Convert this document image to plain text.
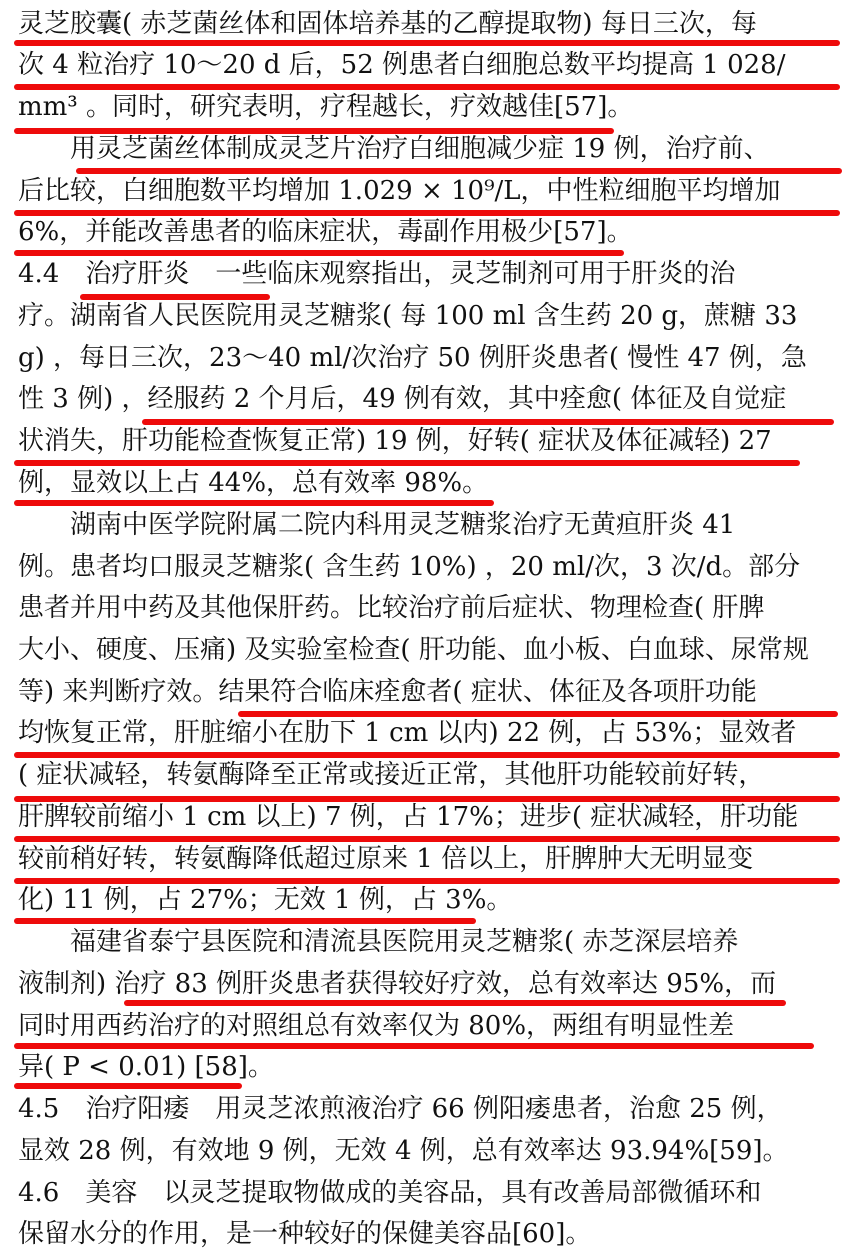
灵芝胶囊( 赤芝菌丝体和固体培养基的乙醇提取物) 每日三次，每
次 4 粒治疗 10～20 d 后，52 例患者白细胞总数平均提高 1 028/
mm³ 。同时，研究表明，疗程越长，疗效越佳[57]。
　　用灵芝菌丝体制成灵芝片治疗白细胞减少症 19 例，治疗前、
后比较，白细胞数平均增加 1.029 × 10⁹/L，中性粒细胞平均增加
6%，并能改善患者的临床症状，毒副作用极少[57]。
4.4　治疗肝炎　一些临床观察指出，灵芝制剂可用于肝炎的治
疗。湖南省人民医院用灵芝糖浆( 每 100 ml 含生药 20 g，蔗糖 33
g) ，每日三次，23～40 ml/次治疗 50 例肝炎患者( 慢性 47 例，急
性 3 例) ，经服药 2 个月后，49 例有效，其中痊愈( 体征及自觉症
状消失，肝功能检查恢复正常) 19 例，好转( 症状及体征减轻) 27
例，显效以上占 44%，总有效率 98%。
　　湖南中医学院附属二院内科用灵芝糖浆治疗无黄疸肝炎 41
例。患者均口服灵芝糖浆( 含生药 10%) ，20 ml/次，3 次/d。部分
患者并用中药及其他保肝药。比较治疗前后症状、物理检查( 肝脾
大小、硬度、压痛) 及实验室检查( 肝功能、血小板、白血球、尿常规
等) 来判断疗效。结果符合临床痊愈者( 症状、体征及各项肝功能
均恢复正常，肝脏缩小在肋下 1 cm 以内) 22 例，占 53%；显效者
( 症状减轻，转氨酶降至正常或接近正常，其他肝功能较前好转，
肝脾较前缩小 1 cm 以上) 7 例，占 17%；进步( 症状减轻，肝功能
较前稍好转，转氨酶降低超过原来 1 倍以上，肝脾肿大无明显变
化) 11 例，占 27%；无效 1 例，占 3%。
　　福建省泰宁县医院和清流县医院用灵芝糖浆( 赤芝深层培养
液制剂) 治疗 83 例肝炎患者获得较好疗效，总有效率达 95%，而
同时用西药治疗的对照组总有效率仅为 80%，两组有明显性差
异( P < 0.01) [58]。
4.5　治疗阳痿　用灵芝浓煎液治疗 66 例阳痿患者，治愈 25 例，
显效 28 例，有效地 9 例，无效 4 例，总有效率达 93.94%[59]。
4.6　美容　以灵芝提取物做成的美容品，具有改善局部微循环和
保留水分的作用，是一种较好的保健美容品[60]。
